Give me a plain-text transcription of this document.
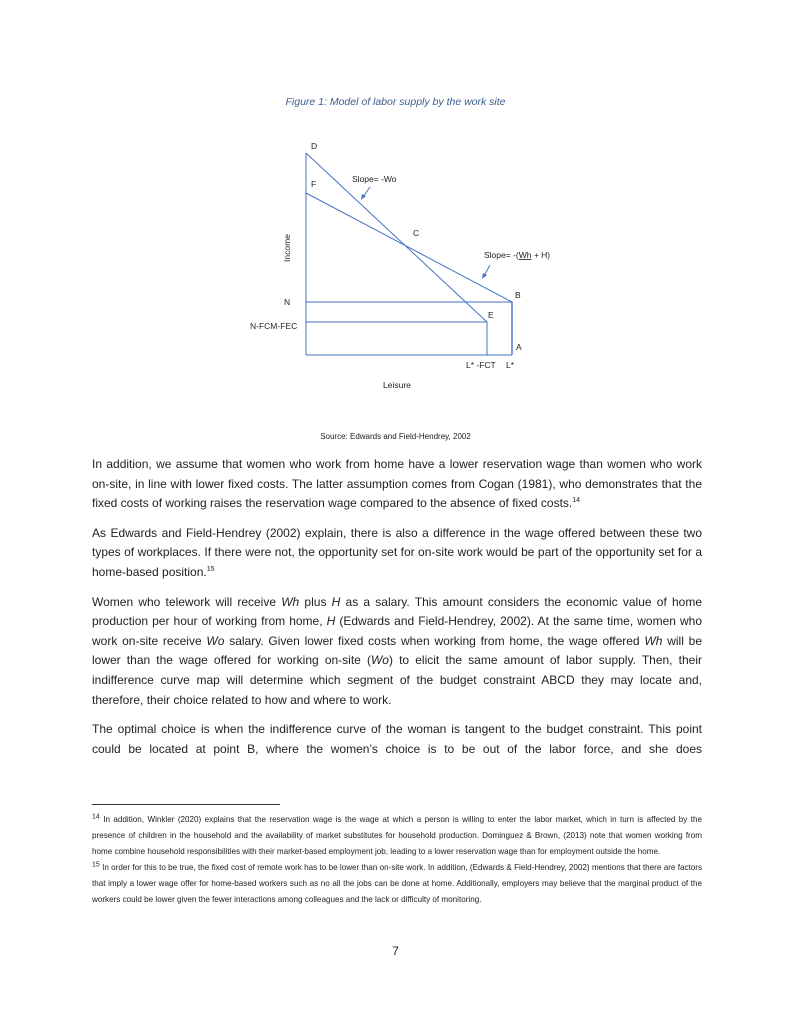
Figure 1: Model of labor supply by the work site
D
F
C
B
E
A
N
N-FCM-FEC
L* -FCT L*
Slope= -Wo
Slope= -(Wh + H)
Income
Leisure
Source: Edwards and Field-Hendrey, 2002

In addition, we assume that women who work from home have a lower reservation wage than women who work on-site, in line with lower fixed costs. The latter assumption comes from Cogan (1981), who demonstrates that the fixed costs of working raises the reservation wage compared to the absence of fixed costs.$^{14}$

As Edwards and Field-Hendrey (2002) explain, there is also a difference in the wage offered between these two types of workplaces. If there were not, the opportunity set for on-site work would be part of the opportunity set for a home-based position.$^{15}$

Women who telework will receive Wh plus H as a salary. This amount considers the economic value of home production per hour of working from home, H (Edwards and Field-Hendrey, 2002). At the same time, women who work on-site receive Wo salary. Given lower fixed costs when working from home, the wage offered Wh will be lower than the wage offered for working on-site (Wo) to elicit the same amount of labor supply. Then, their indifference curve map will determine which segment of the budget constraint ABCD they may locate and, therefore, their choice related to how and where to work.

The optimal choice is when the indifference curve of the woman is tangent to the budget constraint. This point could be located at point B, where the women’s choice is to be out of the labor force, and she does

$^{14}$ In addition, Winkler (2020) explains that the reservation wage is the wage at which a person is willing to enter the labor market, which in turn is affected by the presence of children in the household and the availability of market substitutes for household production. Dominguez & Brown, (2013) note that women working from home combine household responsibilities with their market-based employment job, leading to a lower reservation wage than for employment outside the home.

$^{15}$ In order for this to be true, the fixed cost of remote work has to be lower than on-site work. In addition, (Edwards & Field-Hendrey, 2002) mentions that there are factors that imply a lower wage offer for home-based workers such as no all the jobs can be done at home. Additionally, employers may believe that the marginal product of the workers could be lower given the fewer interactions among colleagues and the lack or difficulty of monitoring.

7
